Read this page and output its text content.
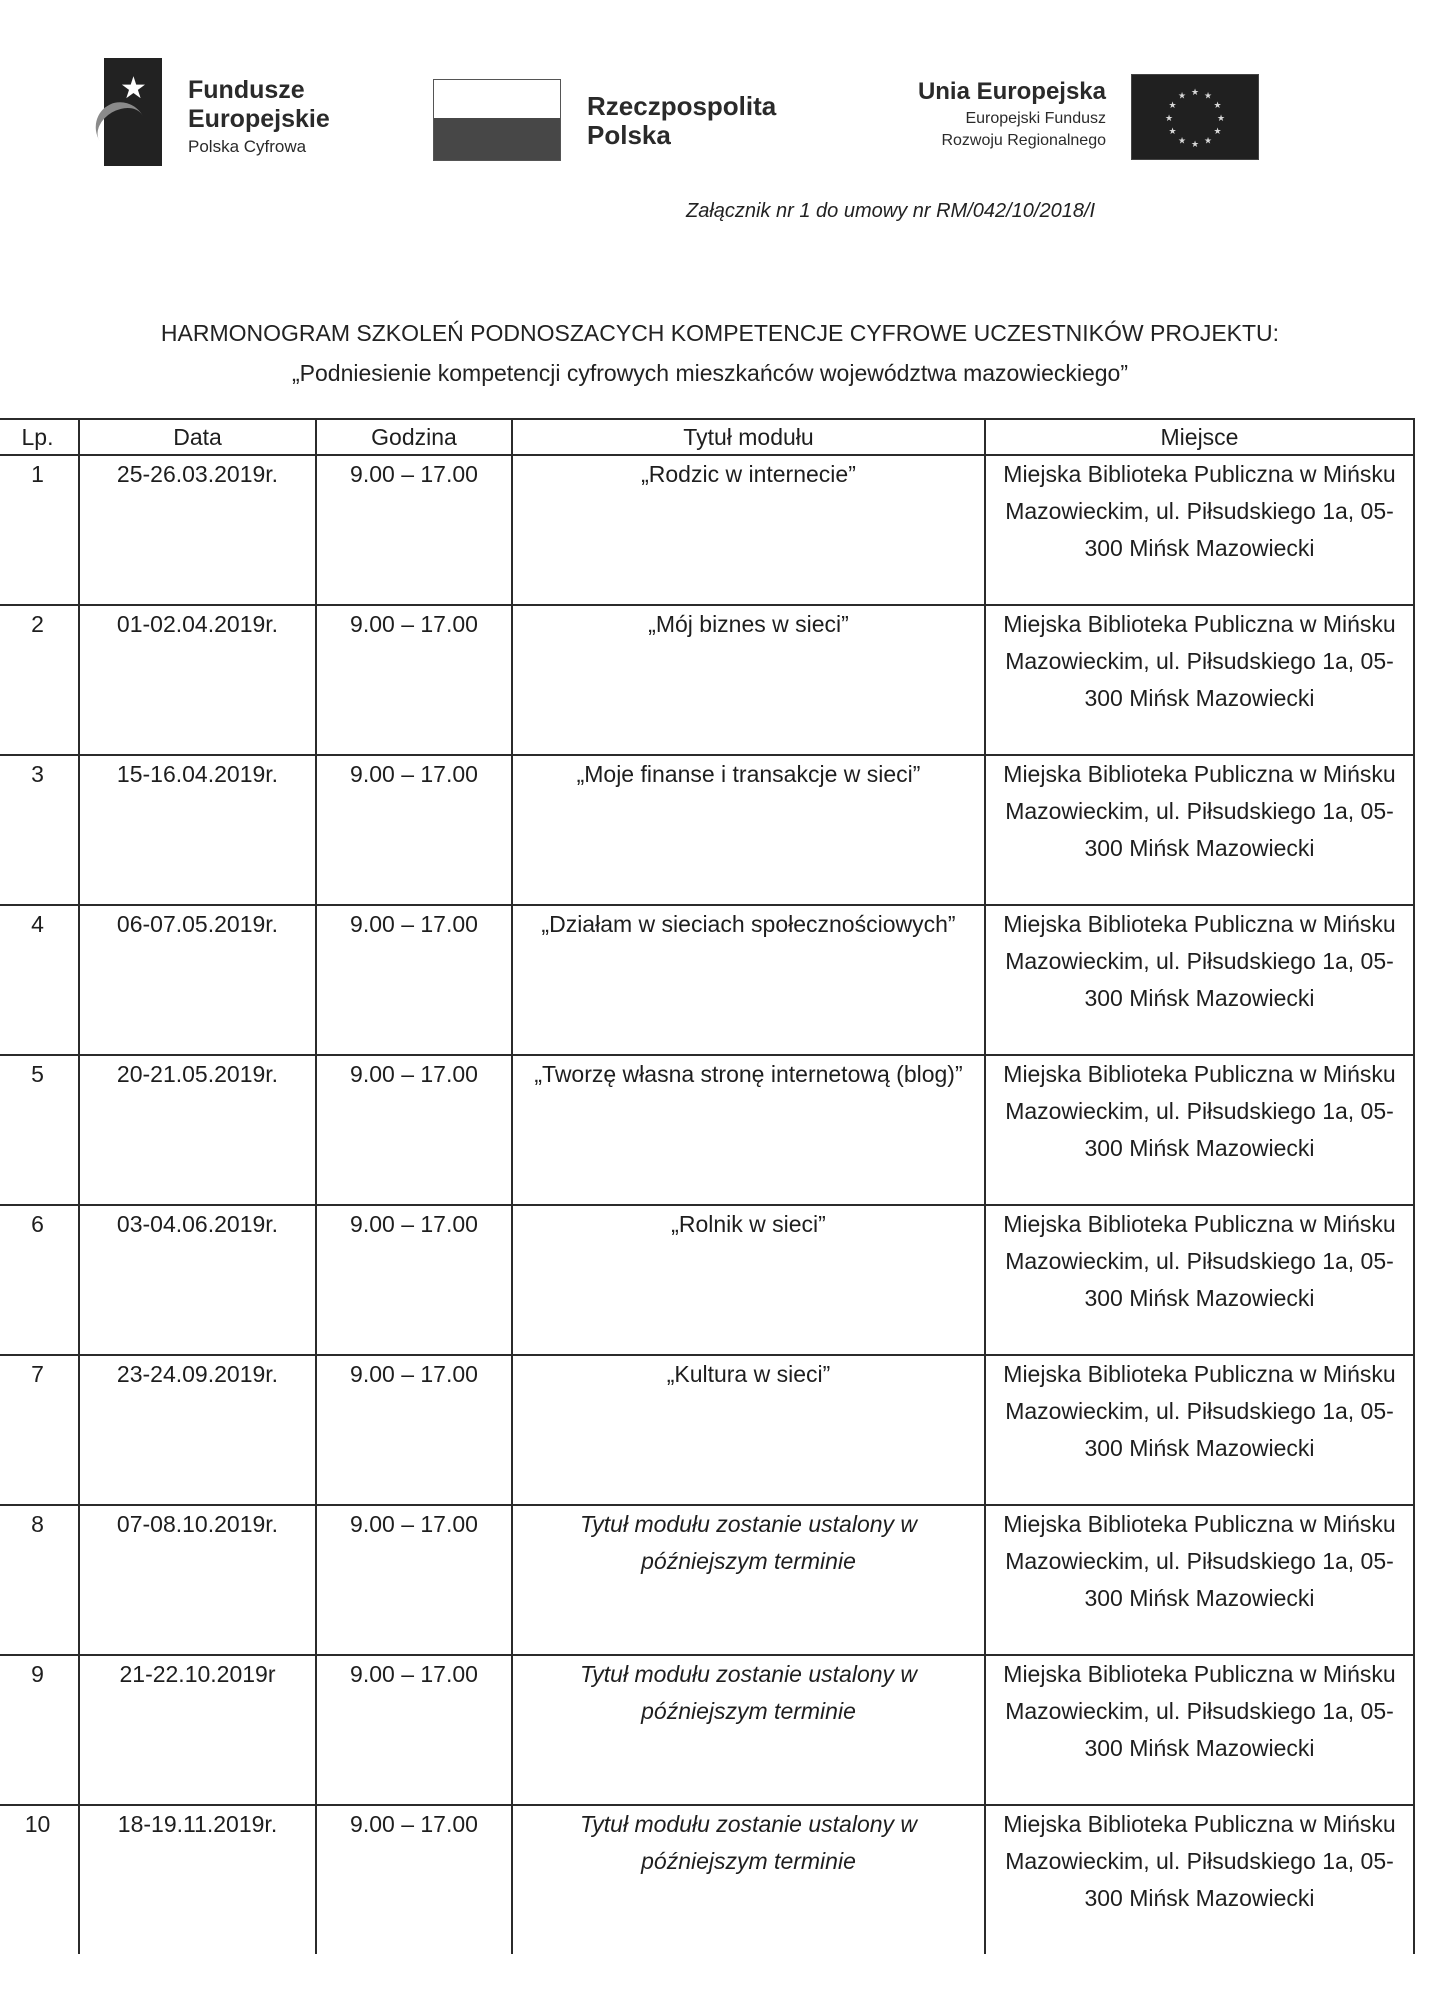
★ Fundusze
Europejskie
Polska Cyfrowa
Rzeczpospolita
Polska
Unia Europejska
Europejski Fundusz
Rozwoju Regionalnego
★
★
★
★
★
★
★
★
★ ★ ★
★
Załącznik nr 1 do umowy nr RM/042/10/2018/I
HARMONOGRAM SZKOLEŃ PODNOSZACYCH KOMPETENCJE CYFROWE UCZESTNIKÓW PROJEKTU:
„Podniesienie kompetencji cyfrowych mieszkańców województwa mazowieckiego”
Lp.	Data	Godzina	Tytuł modułu	Miejsce
1	25-26.03.2019r.	9.00 – 17.00	„Rodzic w internecie”	Miejska Biblioteka Publiczna w Mińsku Mazowieckim, ul. Piłsudskiego 1a, 05-300 Mińsk Mazowiecki
2	01-02.04.2019r.	9.00 – 17.00	„Mój biznes w sieci”	Miejska Biblioteka Publiczna w Mińsku Mazowieckim, ul. Piłsudskiego 1a, 05-300 Mińsk Mazowiecki
3	15-16.04.2019r.	9.00 – 17.00	„Moje finanse i transakcje w sieci”	Miejska Biblioteka Publiczna w Mińsku Mazowieckim, ul. Piłsudskiego 1a, 05-300 Mińsk Mazowiecki
4	06-07.05.2019r.	9.00 – 17.00	„Działam w sieciach społecznościowych”	Miejska Biblioteka Publiczna w Mińsku Mazowieckim, ul. Piłsudskiego 1a, 05-300 Mińsk Mazowiecki
5	20-21.05.2019r.	9.00 – 17.00	„Tworzę własna stronę internetową (blog)”	Miejska Biblioteka Publiczna w Mińsku Mazowieckim, ul. Piłsudskiego 1a, 05-300 Mińsk Mazowiecki
6	03-04.06.2019r.	9.00 – 17.00	„Rolnik w sieci”	Miejska Biblioteka Publiczna w Mińsku Mazowieckim, ul. Piłsudskiego 1a, 05-300 Mińsk Mazowiecki
7	23-24.09.2019r.	9.00 – 17.00	„Kultura w sieci”	Miejska Biblioteka Publiczna w Mińsku Mazowieckim, ul. Piłsudskiego 1a, 05-300 Mińsk Mazowiecki
8	07-08.10.2019r.	9.00 – 17.00	Tytuł modułu zostanie ustalony w późniejszym terminie	Miejska Biblioteka Publiczna w Mińsku Mazowieckim, ul. Piłsudskiego 1a, 05-300 Mińsk Mazowiecki
9	21-22.10.2019r	9.00 – 17.00	Tytuł modułu zostanie ustalony w późniejszym terminie	Miejska Biblioteka Publiczna w Mińsku Mazowieckim, ul. Piłsudskiego 1a, 05-300 Mińsk Mazowiecki
10	18-19.11.2019r.	9.00 – 17.00	Tytuł modułu zostanie ustalony w późniejszym terminie	Miejska Biblioteka Publiczna w Mińsku Mazowieckim, ul. Piłsudskiego 1a, 05-300 Mińsk Mazowiecki
